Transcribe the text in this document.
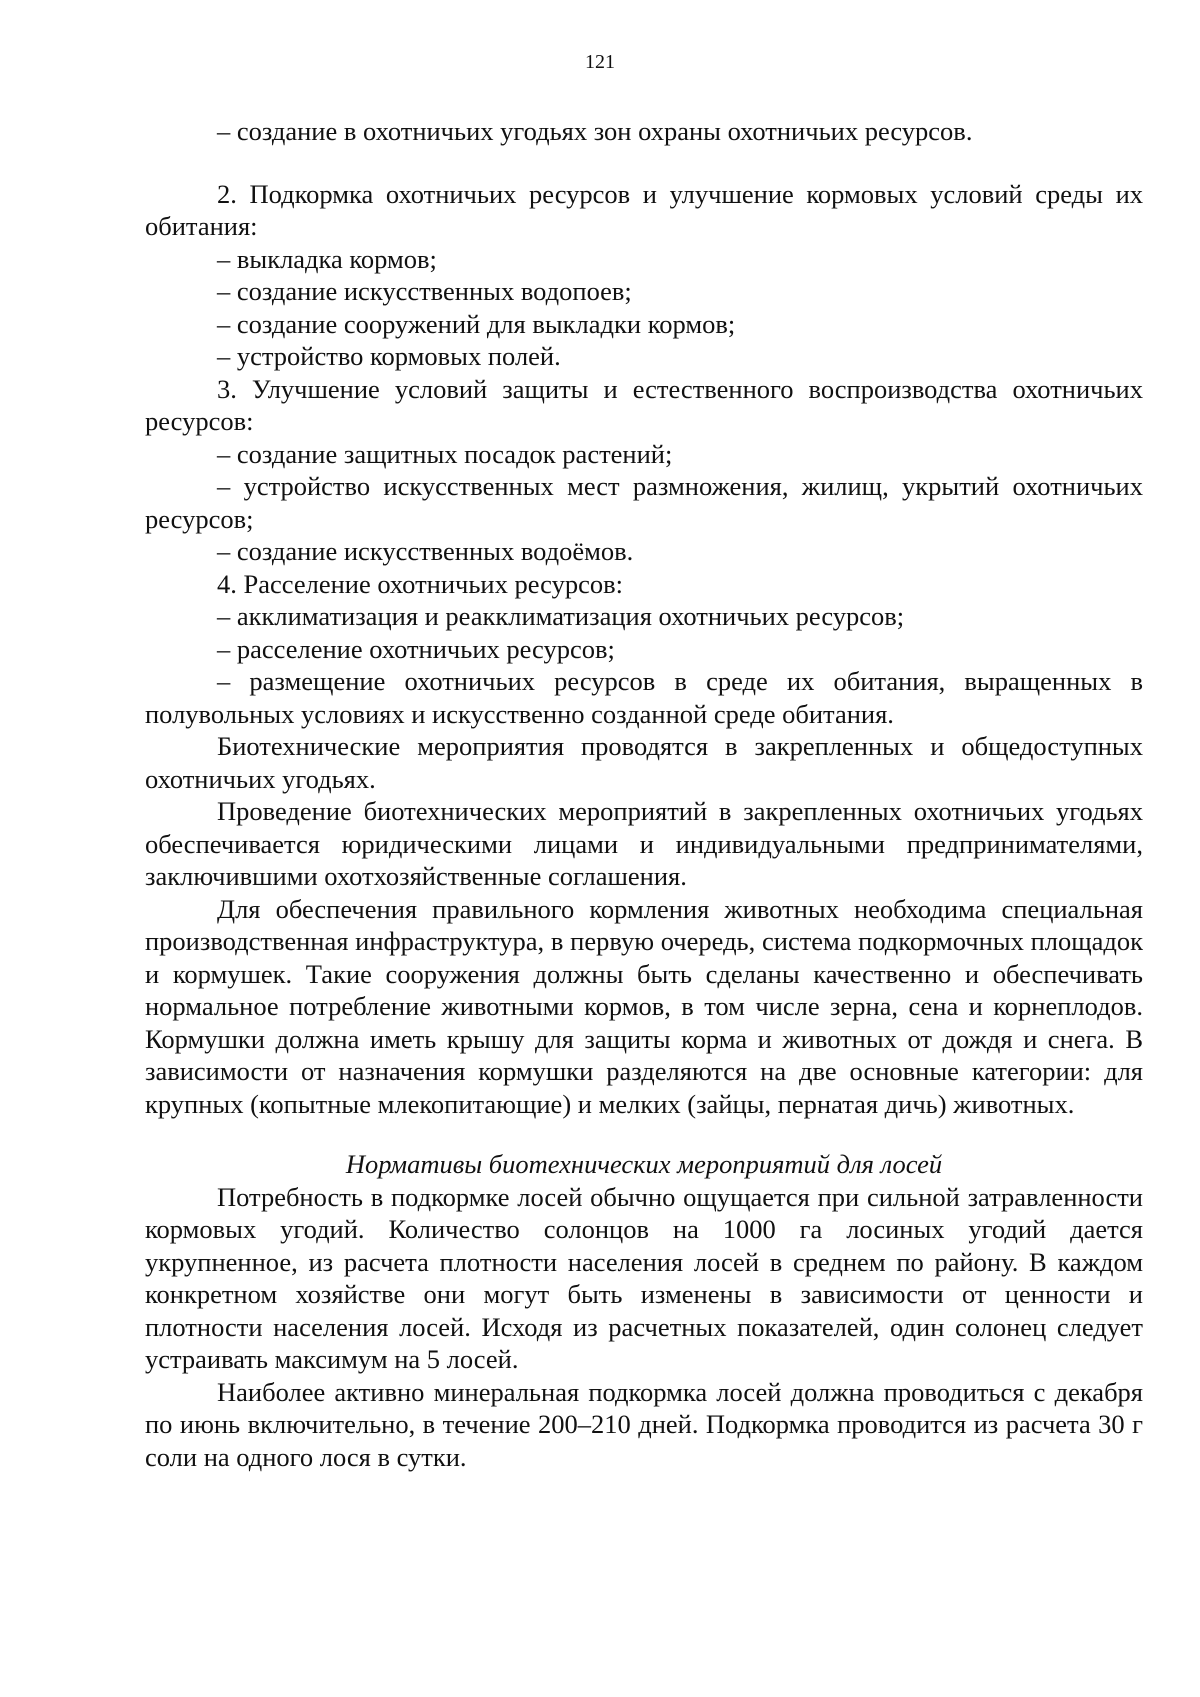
121

– создание в охотничьих угодьях зон охраны охотничьих ресурсов.

2. Подкормка охотничьих ресурсов и улучшение кормовых условий среды их обитания:

– выкладка кормов;

– создание искусственных водопоев;

– создание сооружений для выкладки кормов;

– устройство кормовых полей.

3. Улучшение условий защиты и естественного воспроизводства охотничьих ресурсов:

– создание защитных посадок растений;

– устройство искусственных мест размножения, жилищ, укрытий охотничьих ресурсов;

– создание искусственных водоёмов.

4. Расселение охотничьих ресурсов:

– акклиматизация и реакклиматизация охотничьих ресурсов;

– расселение охотничьих ресурсов;

– размещение охотничьих ресурсов в среде их обитания, выращенных в полувольных условиях и искусственно созданной среде обитания.

Биотехнические мероприятия проводятся в закрепленных и общедоступных охотничьих угодьях.

Проведение биотехнических мероприятий в закрепленных охотничьих угодьях обеспечивается юридическими лицами и индивидуальными предпринимателями, заключившими охотхозяйственные соглашения.

Для обеспечения правильного кормления животных необходима специальная производственная инфраструктура, в первую очередь, система подкормочных площадок и кормушек. Такие сооружения должны быть сделаны качественно и обеспечивать нормальное потребление животными кормов, в том числе зерна, сена и корнеплодов. Кормушки должна иметь крышу для защиты корма и животных от дождя и снега. В зависимости от назначения кормушки разделяются на две основные категории: для крупных (копытные млекопитающие) и мелких (зайцы, пернатая дичь) животных.

Нормативы биотехнических мероприятий для лосей

Потребность в подкормке лосей обычно ощущается при сильной затравленности кормовых угодий. Количество солонцов на 1000 га лосиных угодий дается укрупненное, из расчета плотности населения лосей в среднем по району. В каждом конкретном хозяйстве они могут быть изменены в зависимости от ценности и плотности населения лосей. Исходя из расчетных показателей, один солонец следует устраивать максимум на 5 лосей.

Наиболее активно минеральная подкормка лосей должна проводиться с декабря по июнь включительно, в течение 200–210 дней. Подкормка проводится из расчета 30 г соли на одного лося в сутки.
